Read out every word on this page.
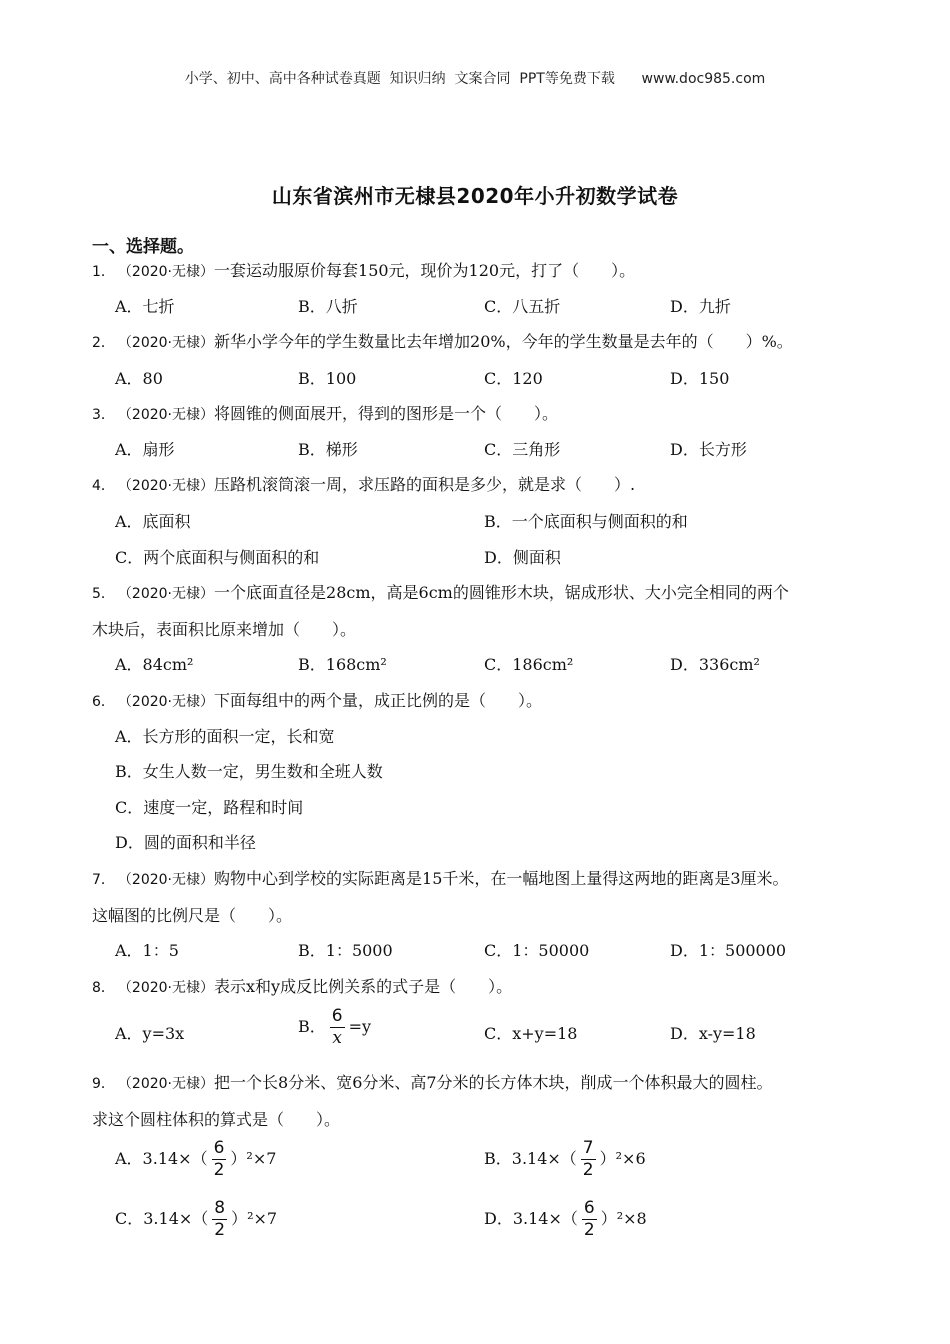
小学、初中、高中各种试卷真题  知识归纳  文案合同  PPT等免费下载      www.doc985.com
山东省滨州市无棣县2020年小升初数学试卷
一、选择题。
1． （2020·无棣）一套运动服原价每套150元，现价为120元，打了（　　）。
A．七折	B．八折	C．八五折	D．九折
2． （2020·无棣）新华小学今年的学生数量比去年增加20%，今年的学生数量是去年的（　　）%。
A．80	B．100	C．120	D．150
3． （2020·无棣）将圆锥的侧面展开，得到的图形是一个（　　）。
A．扇形	B．梯形	C．三角形	D．长方形
4． （2020·无棣）压路机滚筒滚一周，求压路的面积是多少，就是求（　　）.
A．底面积	B．一个底面积与侧面积的和
C．两个底面积与侧面积的和	D．侧面积
5． （2020·无棣）一个底面直径是28cm，高是6cm的圆锥形木块，锯成形状、大小完全相同的两个
木块后，表面积比原来增加（　　）。
A．84cm²	B．168cm²	C．186cm²	D．336cm²
6． （2020·无棣）下面每组中的两个量，成正比例的是（　　）。
A．长方形的面积一定，长和宽
B．女生人数一定，男生数和全班人数
C．速度一定，路程和时间
D．圆的面积和半径
7． （2020·无棣）购物中心到学校的实际距离是15千米，在一幅地图上量得这两地的距离是3厘米。
这幅图的比例尺是（　　）。
A．1：5	B．1：5000	C．1：50000	D．1：500000
8． （2020·无棣）表示x和y成反比例关系的式子是（　　）。
A．y=3x	B． $\frac{6}{x} =y$	C．x+y=18	D．x-y=18
9． （2020·无棣）把一个长8分米、宽6分米、高7分米的长方体木块，削成一个体积最大的圆柱。
求这个圆柱体积的算式是（　　）。
A．$3.14\times( \frac{6}{2} )^2\times 7$	B．$3.14\times( \frac{7}{2} )^2\times 6$
C．$3.14\times( \frac{8}{2} )^2\times 7$	D．$3.14\times( \frac{6}{2} )^2\times 8$
